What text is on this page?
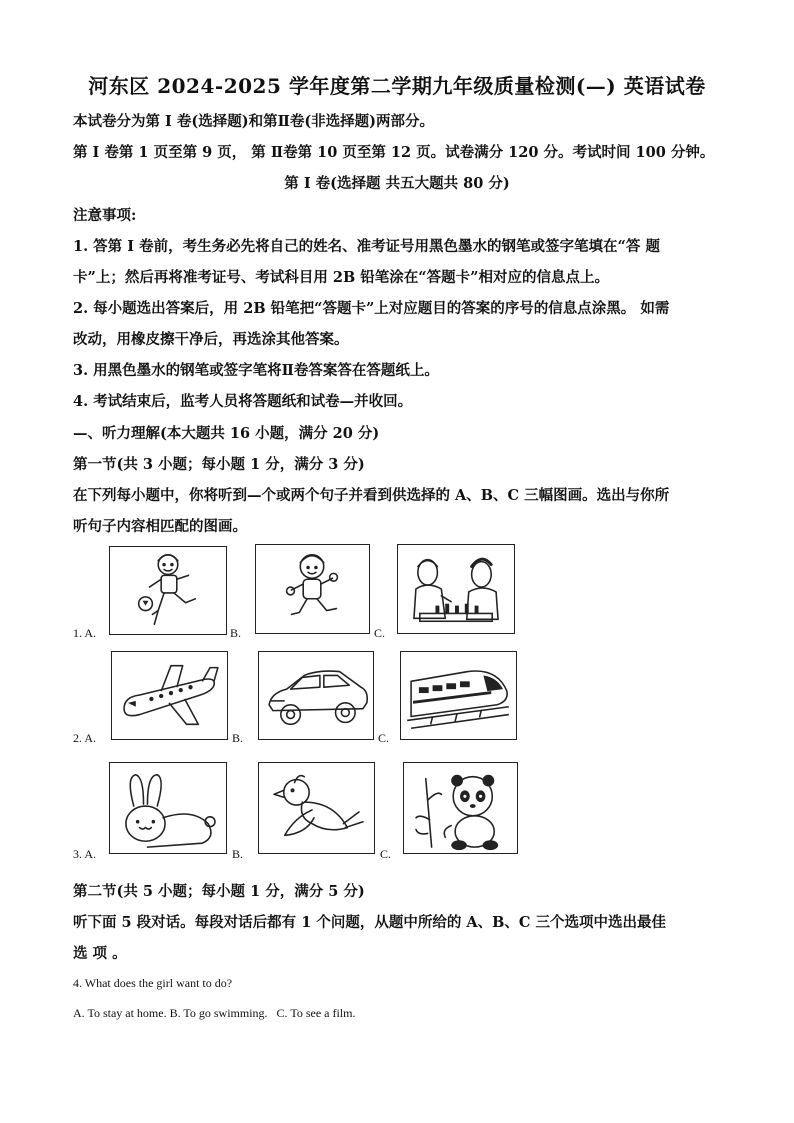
河东区 2024-2025 学年度第二学期九年级质量检测(—) 英语试卷
本试卷分为第 I 卷(选择题)和第Ⅱ卷(非选择题)两部分。
第 I 卷第 1 页至第 9 页， 第 Ⅱ卷第 10 页至第 12 页。试卷满分 120 分。考试时间 100 分钟。
第 I 卷(选择题 共五大题共 80 分)
注意事项:
1. 答第 I 卷前，考生务必先将自己的姓名、准考证号用黑色墨水的钢笔或签字笔填在“答 题
卡”上；然后再将准考证号、考试科目用 2B 铅笔涂在“答题卡”相对应的信息点上。
2. 每小题选出答案后，用 2B 铅笔把“答题卡”上对应题目的答案的序号的信息点涂黑。 如需
改动，用橡皮擦干净后，再选涂其他答案。
3. 用黑色墨水的钢笔或签字笔将Ⅱ卷答案答在答题纸上。
4. 考试结束后，监考人员将答题纸和试卷—并收回。
—、听力理解(本大题共 16 小题，满分 20 分)
第一节(共 3 小题；每小题 1 分，满分 3 分)
在下列每小题中，你将听到—个或两个句子并看到供选择的 A、B、C 三幅图画。选出与你所
听句子内容相匹配的图画。
1. A.	B.	C.
2. A.	B.	C.
3. A.	B.	C.
第二节(共 5 小题；每小题 1 分，满分 5 分)
听下面 5 段对话。每段对话后都有 1 个问题，从题中所给的 A、B、C 三个选项中选出最佳
选 项 。
4. What does the girl want to do?
A. To stay at home. B. To go swimming.   C. To see a film.
